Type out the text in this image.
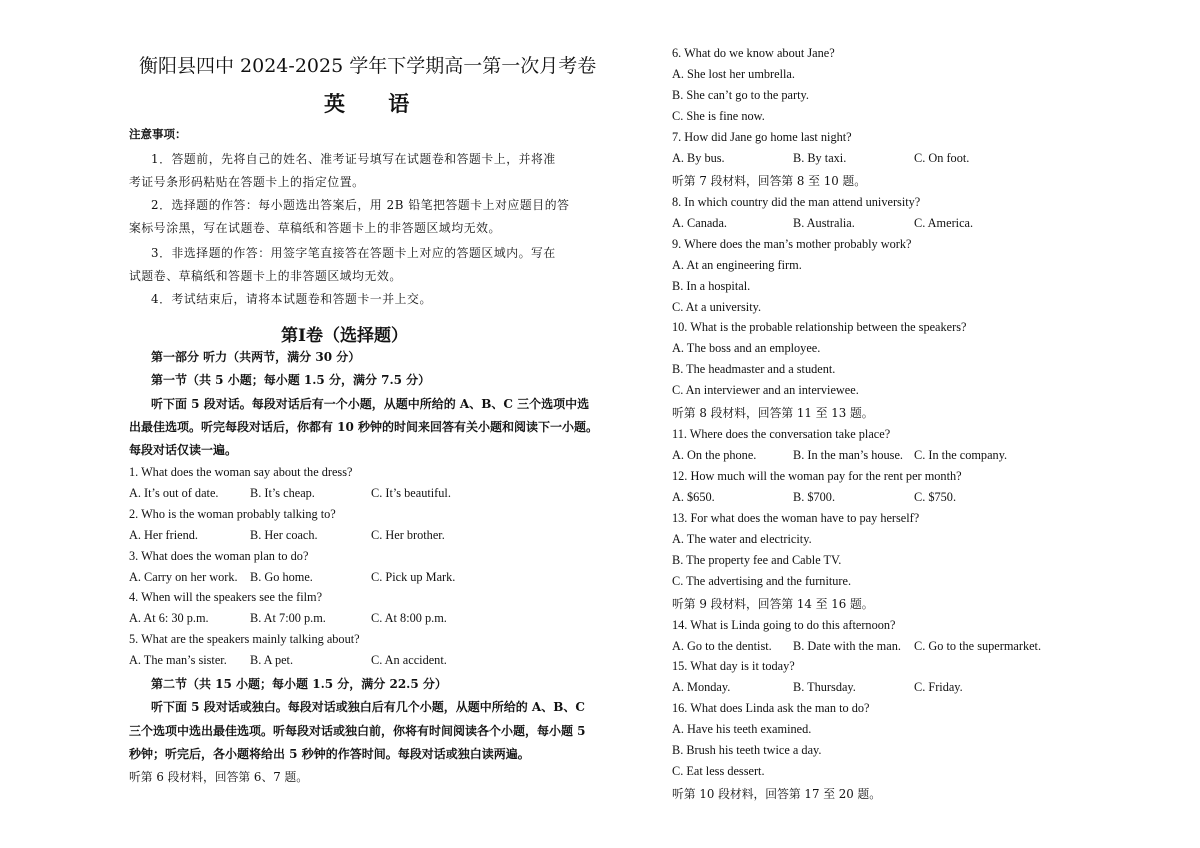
衡阳县四中 2024-2025 学年下学期高一第一次月考卷
英 语
注意事项：
1．答题前，先将自己的姓名、准考证号填写在试题卷和答题卡上，并将准
考证号条形码粘贴在答题卡上的指定位置。
2．选择题的作答：每小题选出答案后，用 2B 铅笔把答题卡上对应题目的答
案标号涂黑，写在试题卷、草稿纸和答题卡上的非答题区域均无效。
3．非选择题的作答：用签字笔直接答在答题卡上对应的答题区域内。写在
试题卷、草稿纸和答题卡上的非答题区域均无效。
4．考试结束后，请将本试题卷和答题卡一并上交。
第Ⅰ卷（选择题）
第一部分 听力（共两节，满分 30 分）
第一节（共 5 小题；每小题 1.5 分，满分 7.5 分）
听下面 5 段对话。每段对话后有一个小题，从题中所给的 A、B、C 三个选项中选
出最佳选项。听完每段对话后，你都有 10 秒钟的时间来回答有关小题和阅读下一小题。
每段对话仅读一遍。
1. What does the woman say about the dress?
A. It’s out of date.	B. It’s cheap.	C. It’s beautiful.
2. Who is the woman probably talking to?
A. Her friend.	B. Her coach.	C. Her brother.
3. What does the woman plan to do?
A. Carry on her work. B. Go home.	C. Pick up Mark.
4. When will the speakers see the film?
A. At 6: 30 p.m.	B. At 7:00 p.m.	C. At 8:00 p.m.
5. What are the speakers mainly talking about?
A. The man’s sister. B. A pet.	C. An accident.
第二节（共 15 小题；每小题 1.5 分，满分 22.5 分）
听下面 5 段对话或独白。每段对话或独白后有几个小题，从题中所给的 A、B、C
三个选项中选出最佳选项。听每段对话或独白前，你将有时间阅读各个小题，每小题 5
秒钟；听完后，各小题将给出 5 秒钟的作答时间。每段对话或独白读两遍。
听第 6 段材料，回答第 6、7 题。
6. What do we know about Jane?
A. She lost her umbrella.
B. She can’t go to the party.
C. She is fine now.
7. How did Jane go home last night?
A. By bus.	B. By taxi.	C. On foot.
听第 7 段材料，回答第 8 至 10 题。
8. In which country did the man attend university?
A. Canada.	B. Australia.	C. America.
9. Where does the man’s mother probably work?
A. At an engineering firm.
B. In a hospital.
C. At a university.
10. What is the probable relationship between the speakers?
A. The boss and an employee.
B. The headmaster and a student.
C. An interviewer and an interviewee.
听第 8 段材料，回答第 11 至 13 题。
11. Where does the conversation take place?
A. On the phone.	B. In the man’s house. C. In the company.
12. How much will the woman pay for the rent per month?
A. $650.	B. $700.	C. $750.
13. For what does the woman have to pay herself?
A. The water and electricity.
B. The property fee and Cable TV.
C. The advertising and the furniture.
听第 9 段材料，回答第 14 至 16 题。
14. What is Linda going to do this afternoon?
A. Go to the dentist. B. Date with the man. C. Go to the supermarket.
15. What day is it today?
A. Monday.	B. Thursday.	C. Friday.
16. What does Linda ask the man to do?
A. Have his teeth examined.
B. Brush his teeth twice a day.
C. Eat less dessert.
听第 10 段材料，回答第 17 至 20 题。
